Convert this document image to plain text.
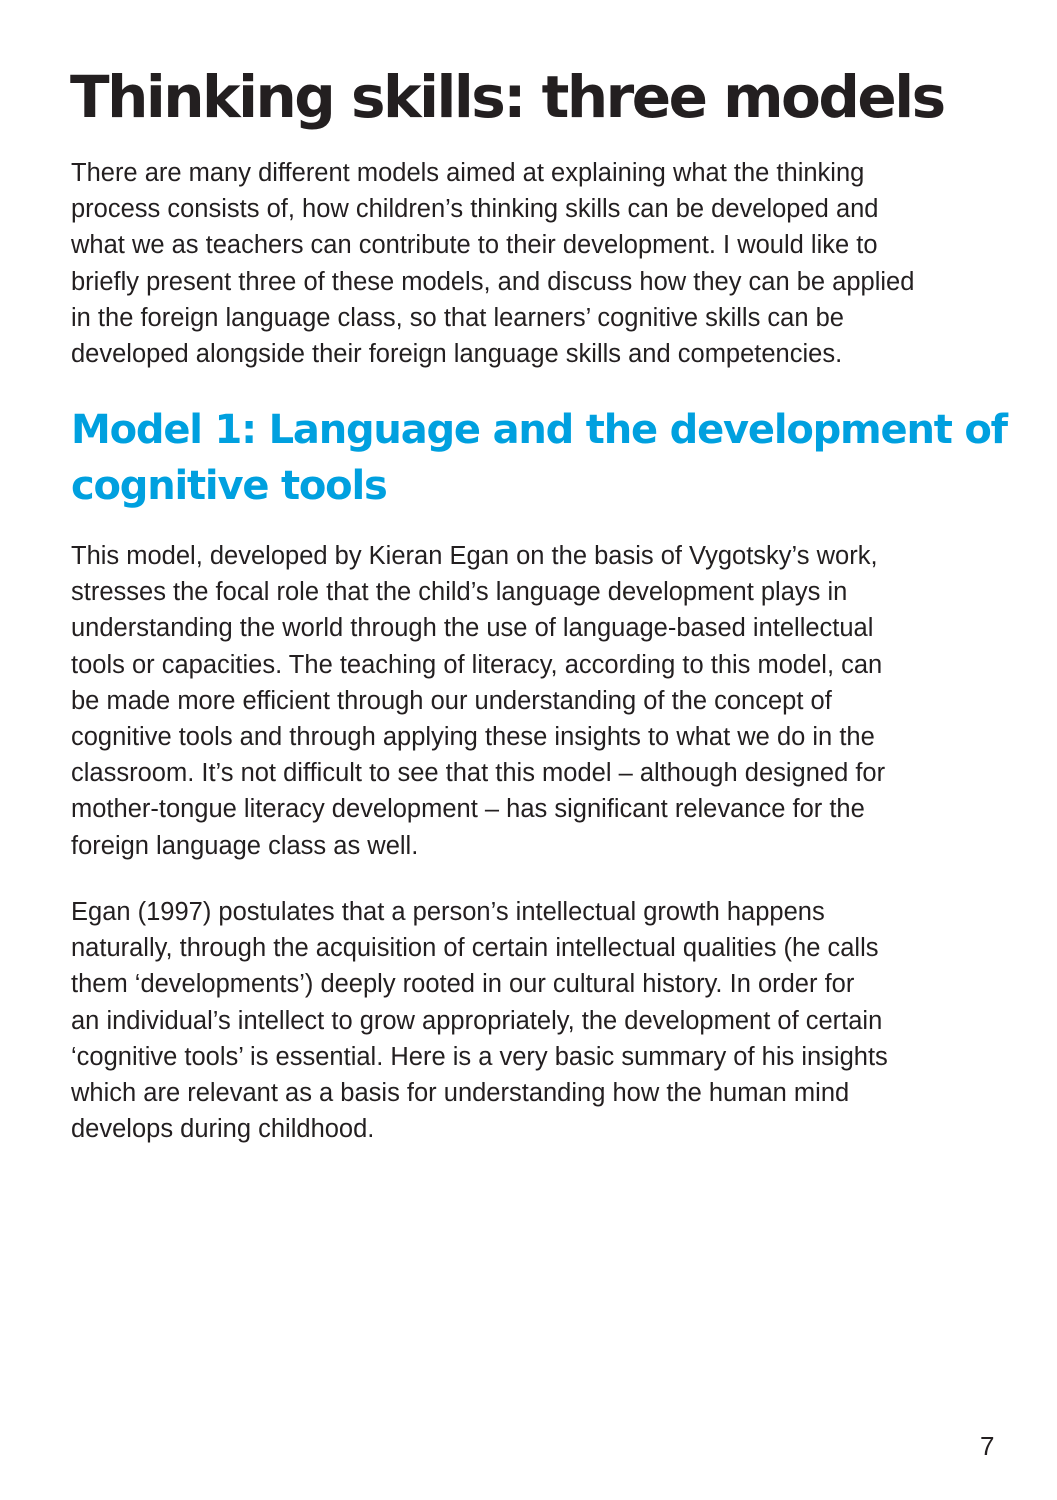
Thinking skills: three models

There are many different models aimed at explaining what the thinking
process consists of, how children’s thinking skills can be developed and
what we as teachers can contribute to their development. I would like to
briefly present three of these models, and discuss how they can be applied
in the foreign language class, so that learners’ cognitive skills can be
developed alongside their foreign language skills and competencies.

Model 1: Language and the development of
cognitive tools

This model, developed by Kieran Egan on the basis of Vygotsky’s work,
stresses the focal role that the child’s language development plays in
understanding the world through the use of language-based intellectual
tools or capacities. The teaching of literacy, according to this model, can
be made more efficient through our understanding of the concept of
cognitive tools and through applying these insights to what we do in the
classroom. It’s not difficult to see that this model – although designed for
mother-tongue literacy development – has significant relevance for the
foreign language class as well.

Egan (1997) postulates that a person’s intellectual growth happens
naturally, through the acquisition of certain intellectual qualities (he calls
them ‘developments’) deeply rooted in our cultural history. In order for
an individual’s intellect to grow appropriately, the development of certain
‘cognitive tools’ is essential. Here is a very basic summary of his insights
which are relevant as a basis for understanding how the human mind
develops during childhood.

7
